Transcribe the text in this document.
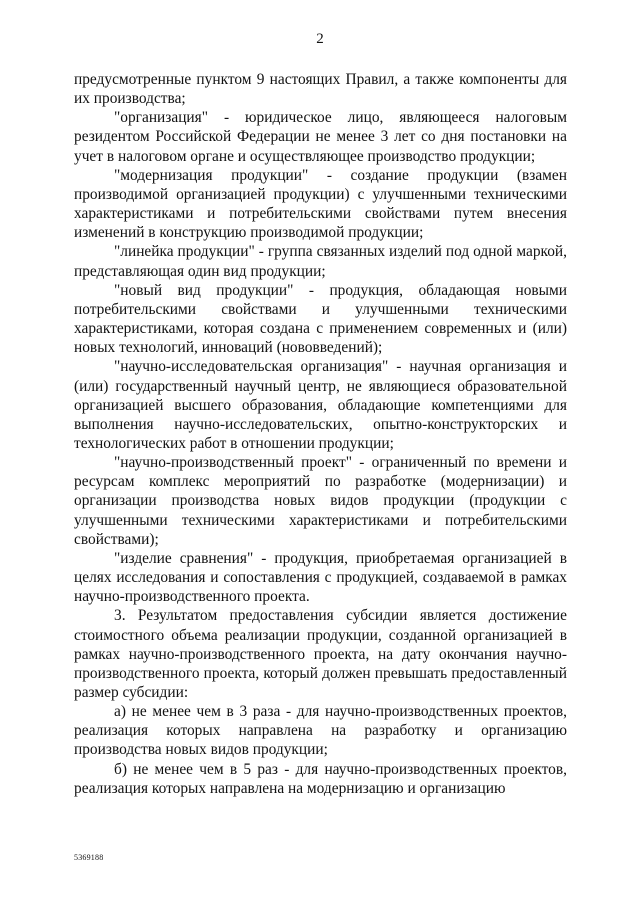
2

предусмотренные пунктом 9 настоящих Правил, а также компоненты для их производства;

"организация" - юридическое лицо, являющееся налоговым резидентом Российской Федерации не менее 3 лет со дня постановки на учет в налоговом органе и осуществляющее производство продукции;

"модернизация продукции" - создание продукции (взамен производимой организацией продукции) с улучшенными техническими характеристиками и потребительскими свойствами путем внесения изменений в конструкцию производимой продукции;

"линейка продукции" - группа связанных изделий под одной маркой, представляющая один вид продукции;

"новый вид продукции" - продукция, обладающая новыми потребительскими свойствами и улучшенными техническими характеристиками, которая создана с применением современных и (или) новых технологий, инноваций (нововведений);

"научно-исследовательская организация" - научная организация и (или) государственный научный центр, не являющиеся образовательной организацией высшего образования, обладающие компетенциями для выполнения научно-исследовательских, опытно-конструкторских и технологических работ в отношении продукции;

"научно-производственный проект" - ограниченный по времени и ресурсам комплекс мероприятий по разработке (модернизации) и организации производства новых видов продукции (продукции с улучшенными техническими характеристиками и потребительскими свойствами);

"изделие сравнения" - продукция, приобретаемая организацией в целях исследования и сопоставления с продукцией, создаваемой в рамках научно-производственного проекта.

3. Результатом предоставления субсидии является достижение стоимостного объема реализации продукции, созданной организацией в рамках научно-производственного проекта, на дату окончания научно-производственного проекта, который должен превышать предоставленный размер субсидии:

а) не менее чем в 3 раза - для научно-производственных проектов, реализация которых направлена на разработку и организацию производства новых видов продукции;

б) не менее чем в 5 раз - для научно-производственных проектов, реализация которых направлена на модернизацию и организацию

5369188
